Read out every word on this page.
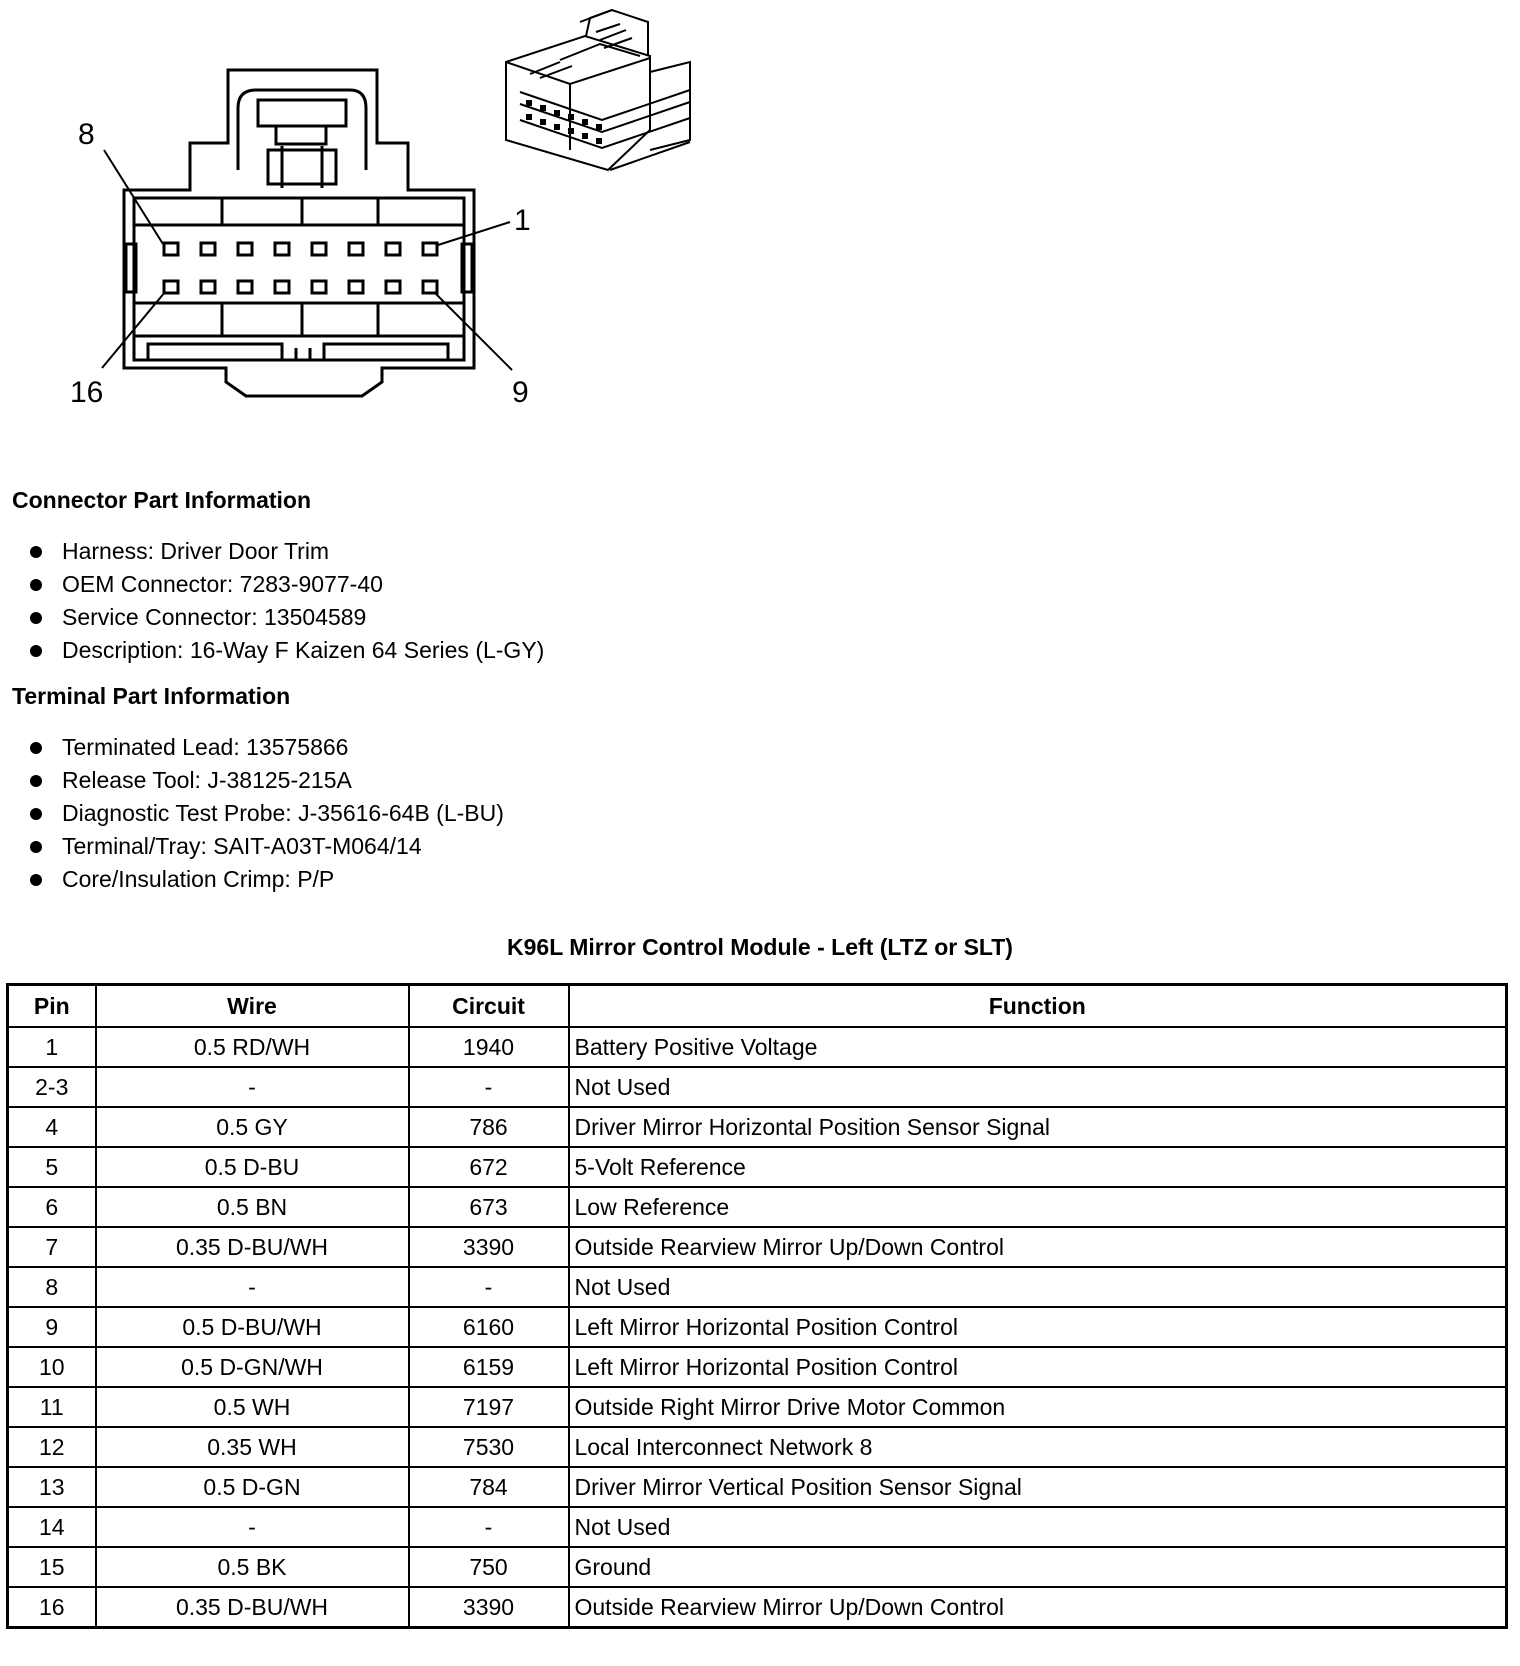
8
1
16	9
Connector Part Information
Harness: Driver Door Trim
OEM Connector: 7283-9077-40
Service Connector: 13504589
Description: 16-Way F Kaizen 64 Series (L-GY)
Terminal Part Information
Terminated Lead: 13575866
Release Tool: J-38125-215A
Diagnostic Test Probe: J-35616-64B (L-BU)
Terminal/Tray: SAIT-A03T-M064/14
Core/Insulation Crimp: P/P
K96L Mirror Control Module - Left (LTZ or SLT)
Pin	Wire	Circuit	Function
1	0.5 RD/WH	1940	Battery Positive Voltage
2-3	-	-	Not Used
4	0.5 GY	786	Driver Mirror Horizontal Position Sensor Signal
5	0.5 D-BU	672	5-Volt Reference
6	0.5 BN	673	Low Reference
7	0.35 D-BU/WH	3390	Outside Rearview Mirror Up/Down Control
8	-	-	Not Used
9	0.5 D-BU/WH	6160	Left Mirror Horizontal Position Control
10	0.5 D-GN/WH	6159	Left Mirror Horizontal Position Control
11	0.5 WH	7197	Outside Right Mirror Drive Motor Common
12	0.35 WH	7530	Local Interconnect Network 8
13	0.5 D-GN	784	Driver Mirror Vertical Position Sensor Signal
14	-	-	Not Used
15	0.5 BK	750	Ground
16	0.35 D-BU/WH	3390	Outside Rearview Mirror Up/Down Control
